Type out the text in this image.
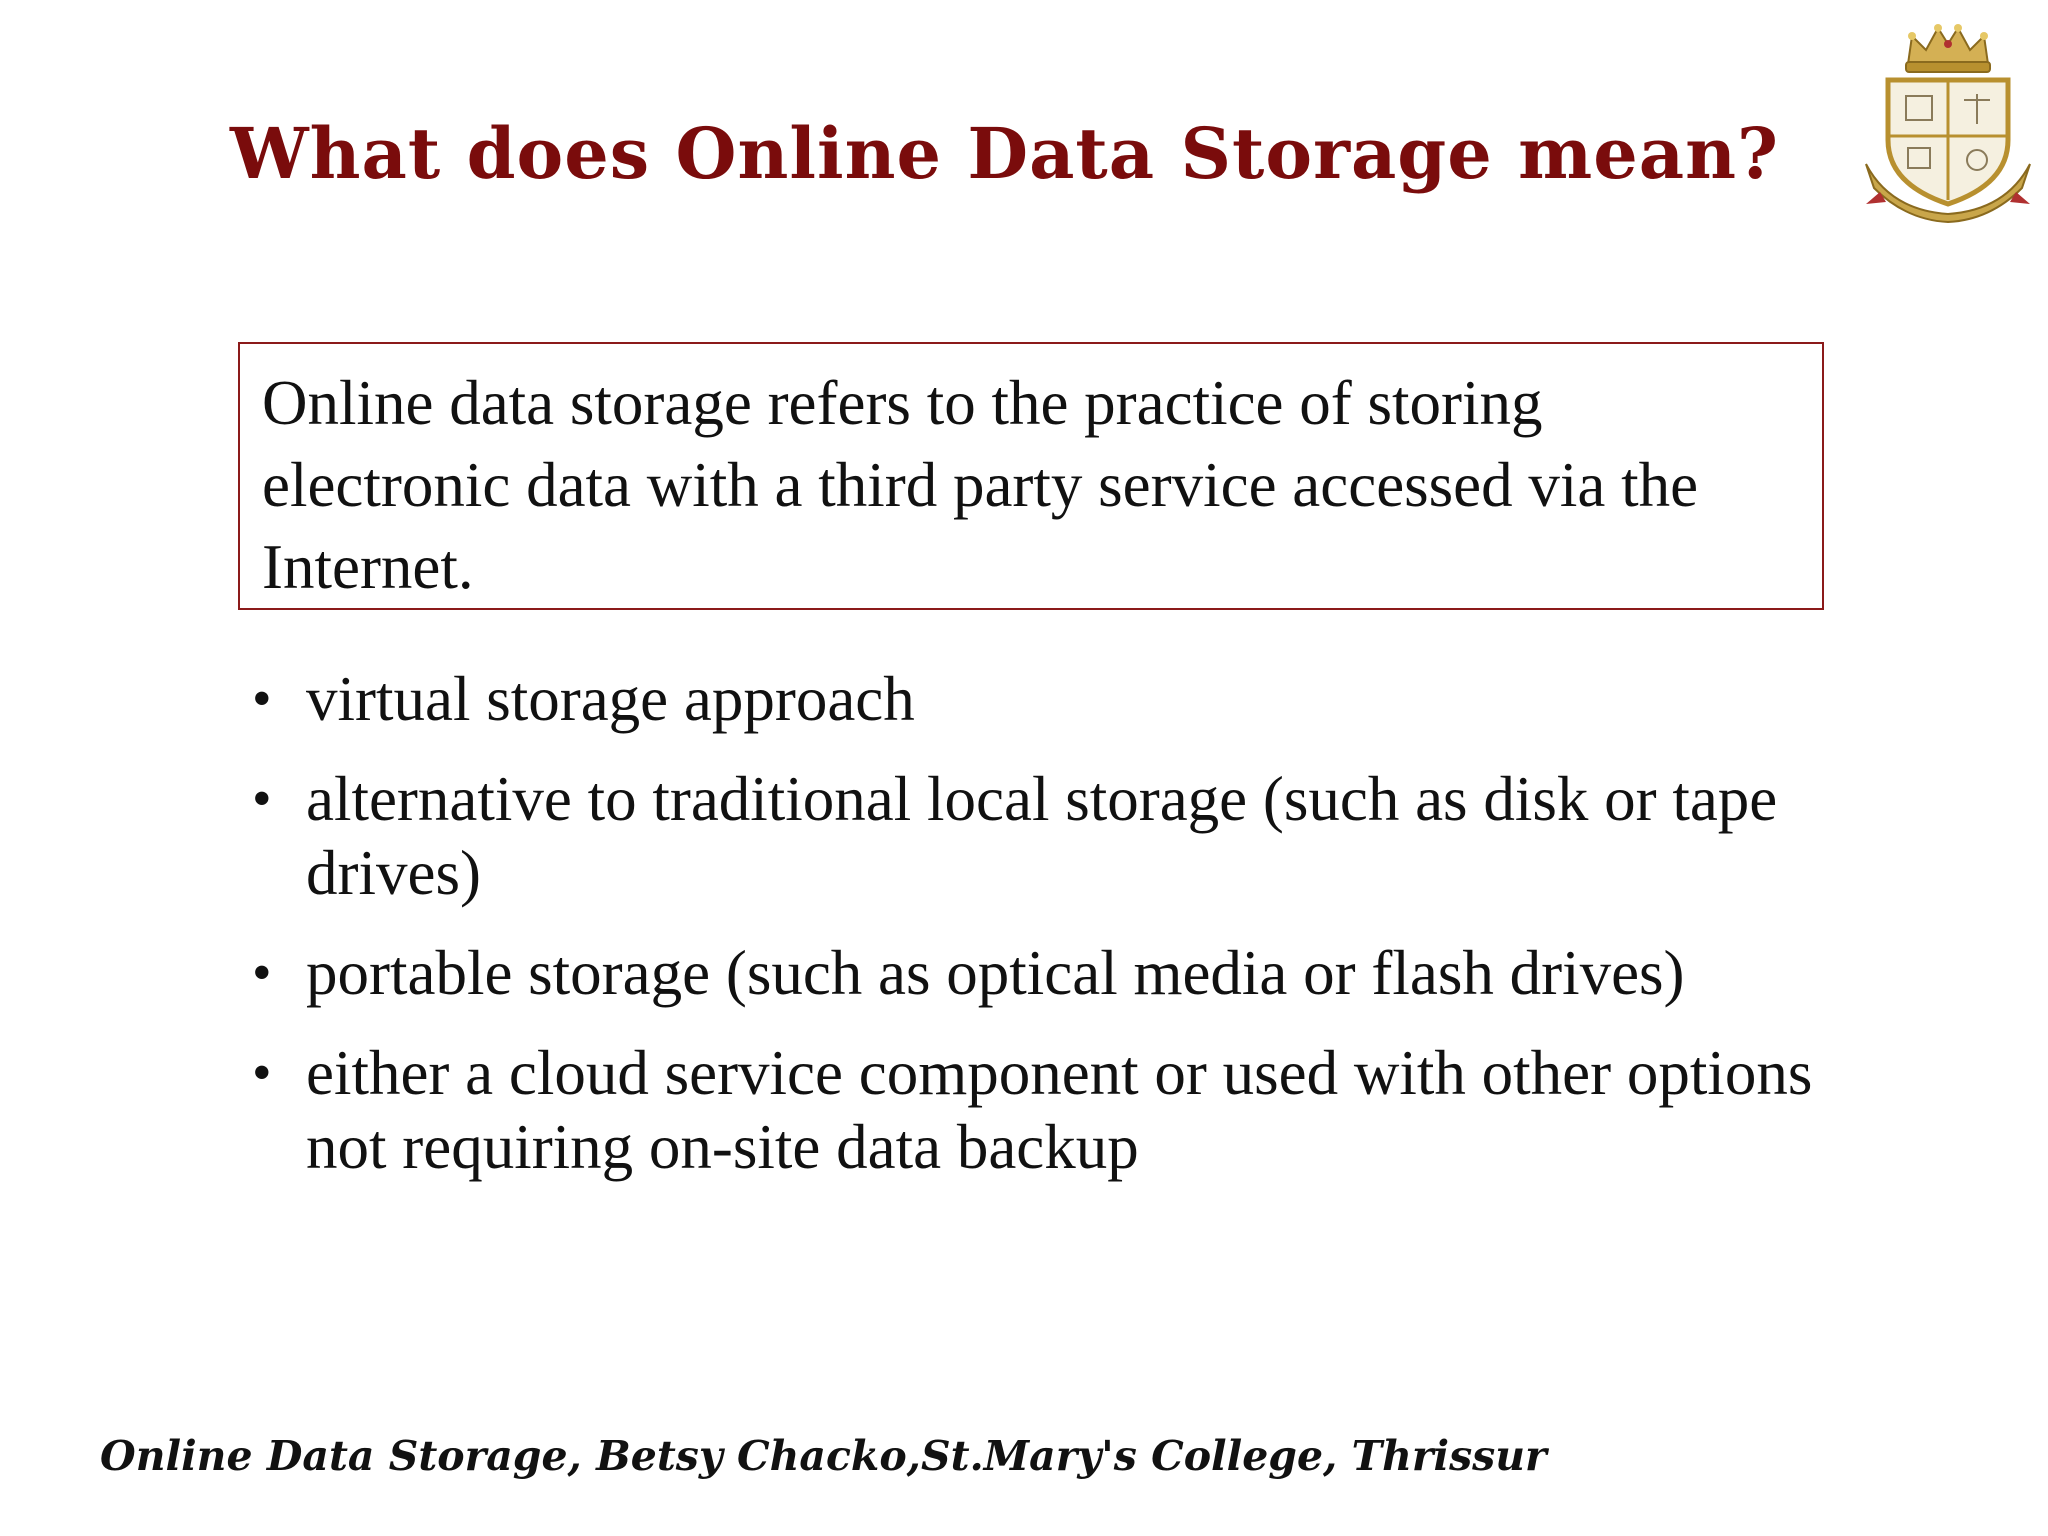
What does Online Data Storage mean?

Online data storage refers to the practice of storing electronic data with a third party service accessed via the Internet.

• virtual storage approach
• alternative to traditional local storage (such as disk or tape drives)
• portable storage (such as optical media or flash drives)
• either a cloud service component or used with other options not requiring on-site data backup

Online Data Storage, Betsy Chacko,St.Mary's College, Thrissur
